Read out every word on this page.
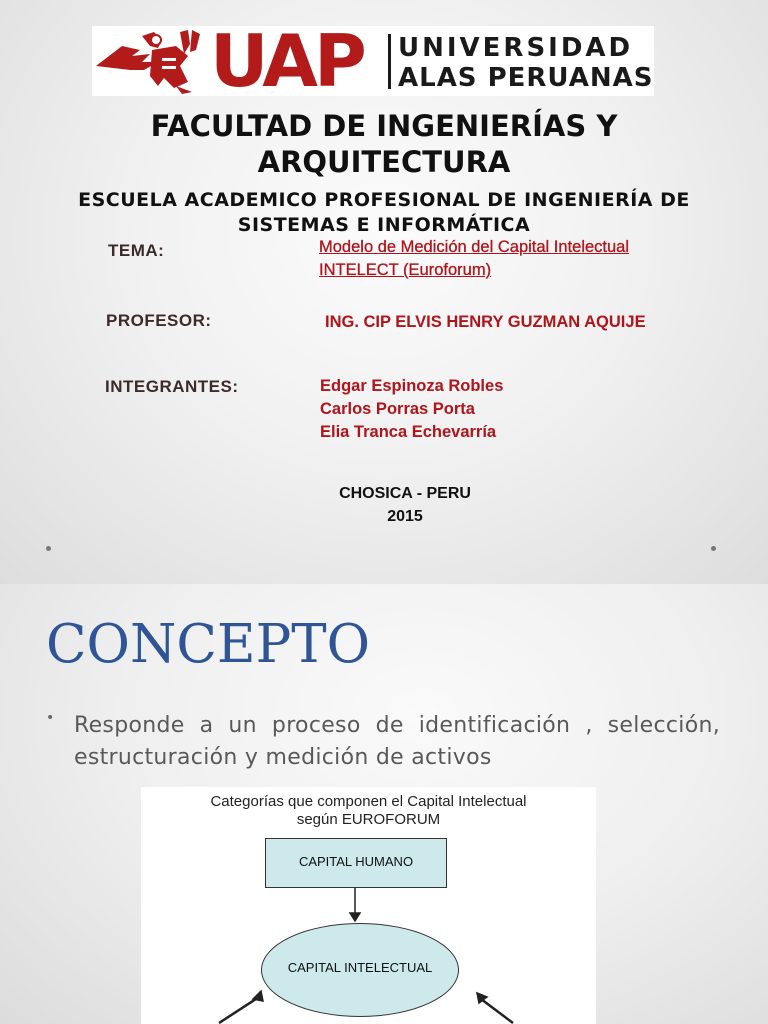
UAP UNIVERSIDAD
ALAS PERUANAS
FACULTAD DE INGENIERÍAS Y ARQUITECTURA
ESCUELA ACADEMICO PROFESIONAL DE INGENIERÍA DE SISTEMAS E INFORMÁTICA
TEMA:	Modelo de Medición del Capital Intelectual
INTELECT (Euroforum)
PROFESOR:	ING. CIP ELVIS HENRY GUZMAN AQUIJE
INTEGRANTES:	Edgar Espinoza Robles
Carlos Porras Porta
Elia Tranca Echevarría
CHOSICA - PERU
2015
CONCEPTO
• Responde a un proceso de identificación , selección, estructuración y medición de activos
Categorías que componen el Capital Intelectual
según EUROFORUM
CAPITAL HUMANO
CAPITAL INTELECTUAL
